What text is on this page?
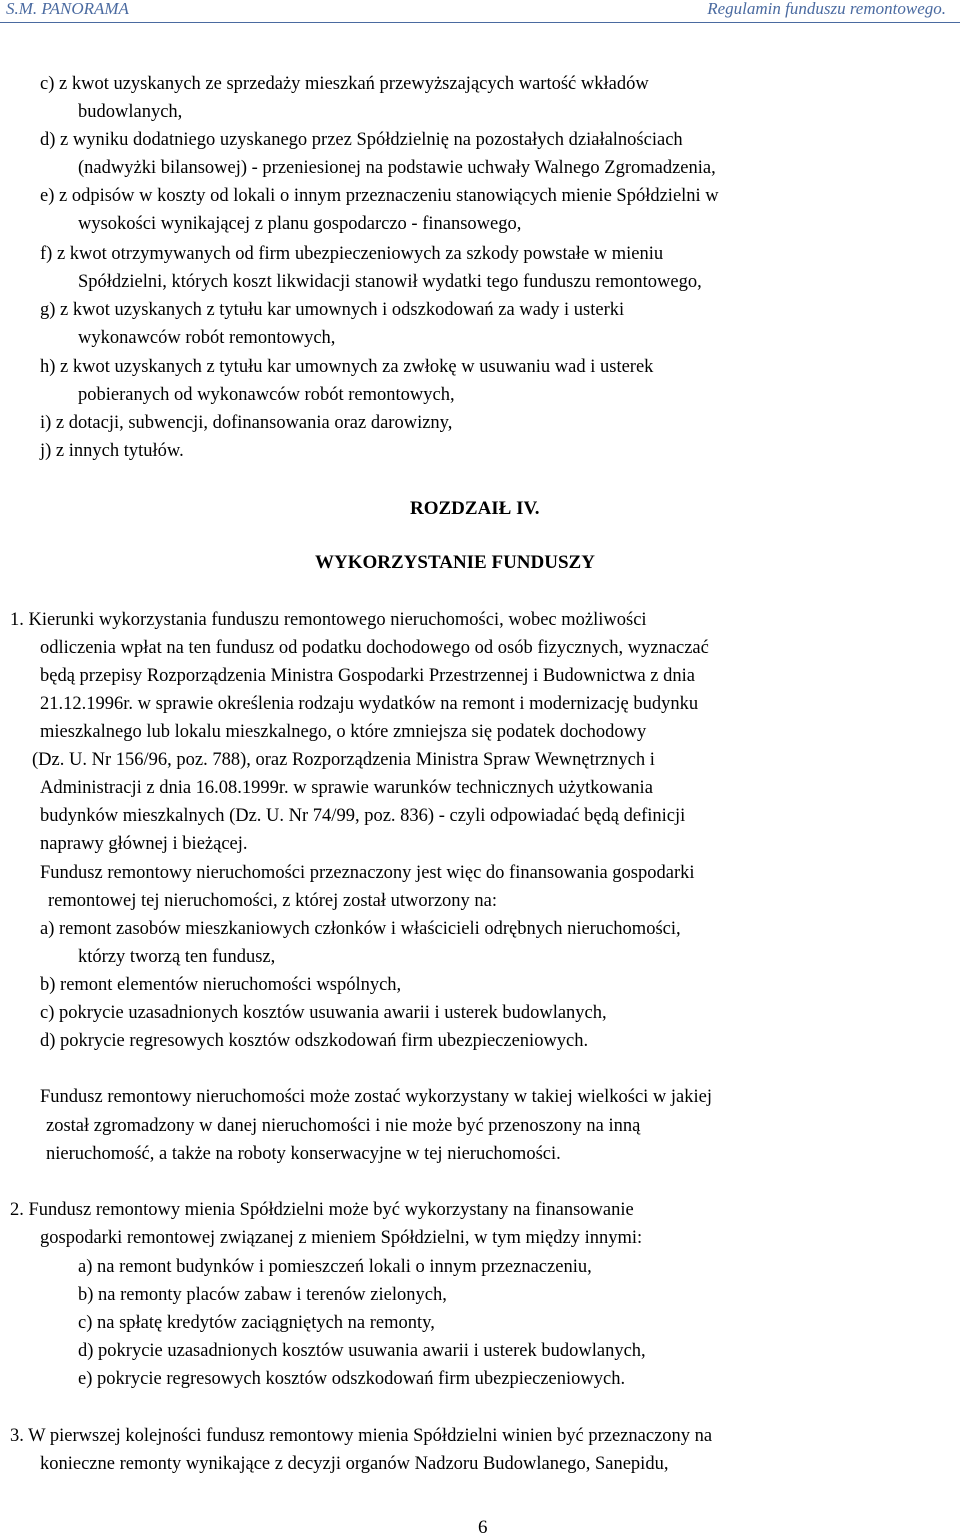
S.M. PANORAMA	Regulamin funduszu remontowego.
c) z kwot uzyskanych ze sprzedaży mieszkań przewyższających wartość wkładów
budowlanych,
d) z wyniku dodatniego uzyskanego przez Spółdzielnię na pozostałych działalnościach
(nadwyżki bilansowej) - przeniesionej na podstawie uchwały Walnego Zgromadzenia,
e) z odpisów w koszty od lokali o innym przeznaczeniu stanowiących mienie Spółdzielni w
wysokości wynikającej z planu gospodarczo - finansowego,
f) z kwot otrzymywanych od firm ubezpieczeniowych za szkody powstałe w mieniu
Spółdzielni, których koszt likwidacji stanowił wydatki tego funduszu remontowego,
g) z kwot uzyskanych z tytułu kar umownych i odszkodowań za wady i usterki
wykonawców robót remontowych,
h) z kwot uzyskanych z tytułu kar umownych za zwłokę w usuwaniu wad i usterek
pobieranych od wykonawców robót remontowych,
i) z dotacji, subwencji, dofinansowania oraz darowizny,
j) z innych tytułów.
ROZDZAIŁ IV.
WYKORZYSTANIE FUNDUSZY
1. Kierunki wykorzystania funduszu remontowego nieruchomości, wobec możliwości
odliczenia wpłat na ten fundusz od podatku dochodowego od osób fizycznych, wyznaczać
będą przepisy Rozporządzenia Ministra Gospodarki Przestrzennej i Budownictwa z dnia
21.12.1996r. w sprawie określenia rodzaju wydatków na remont i modernizację budynku
mieszkalnego lub lokalu mieszkalnego, o które zmniejsza się podatek dochodowy
(Dz. U. Nr 156/96, poz. 788), oraz Rozporządzenia Ministra Spraw Wewnętrznych i
Administracji z dnia 16.08.1999r. w sprawie warunków technicznych użytkowania
budynków mieszkalnych (Dz. U. Nr 74/99, poz. 836) - czyli odpowiadać będą definicji
naprawy głównej i bieżącej.
Fundusz remontowy nieruchomości przeznaczony jest więc do finansowania gospodarki
remontowej tej nieruchomości, z której został utworzony na:
a) remont zasobów mieszkaniowych członków i właścicieli odrębnych nieruchomości,
którzy tworzą ten fundusz,
b) remont elementów nieruchomości wspólnych,
c) pokrycie uzasadnionych kosztów usuwania awarii i usterek budowlanych,
d) pokrycie regresowych kosztów odszkodowań firm ubezpieczeniowych.
Fundusz remontowy nieruchomości może zostać wykorzystany w takiej wielkości w jakiej
został zgromadzony w danej nieruchomości i nie może być przenoszony na inną
nieruchomość, a także na roboty konserwacyjne w tej nieruchomości.
2. Fundusz remontowy mienia Spółdzielni może być wykorzystany na finansowanie
gospodarki remontowej związanej z mieniem Spółdzielni, w tym między innymi:
a) na remont budynków i pomieszczeń lokali o innym przeznaczeniu,
b) na remonty placów zabaw i terenów zielonych,
c) na spłatę kredytów zaciągniętych na remonty,
d) pokrycie uzasadnionych kosztów usuwania awarii i usterek budowlanych,
e) pokrycie regresowych kosztów odszkodowań firm ubezpieczeniowych.
3. W pierwszej kolejności fundusz remontowy mienia Spółdzielni winien być przeznaczony na
konieczne remonty wynikające z decyzji organów Nadzoru Budowlanego, Sanepidu,
6
